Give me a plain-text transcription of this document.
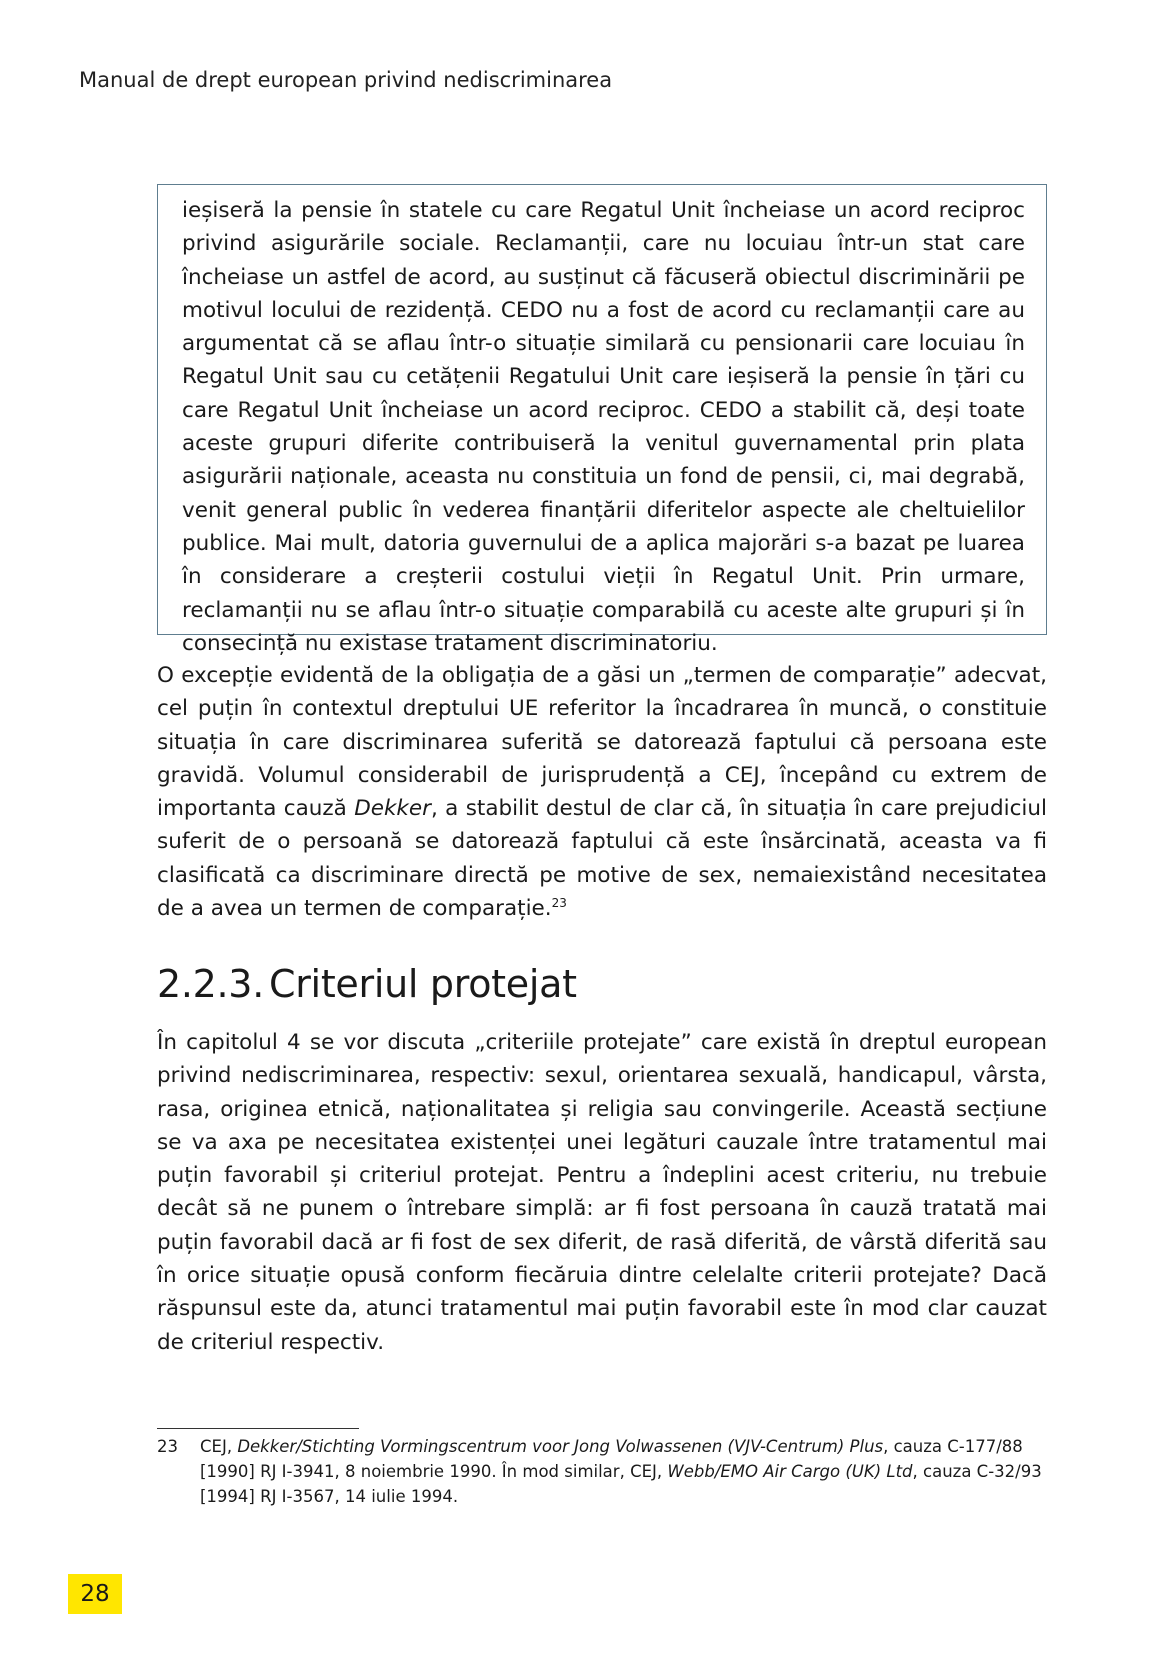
Manual de drept european privind nediscriminarea
ieșiseră la pensie în statele cu care Regatul Unit încheiase un acord reciproc privind asigurările sociale. Reclamanții, care nu locuiau într-un stat care încheiase un astfel de acord, au susținut că făcuseră obiectul discriminării pe motivul locului de rezidență. CEDO nu a fost de acord cu reclamanții care au argumentat că se aflau într-o situație similară cu pensionarii care locuiau în Regatul Unit sau cu cetățenii Regatului Unit care ieșiseră la pensie în țări cu care Regatul Unit încheiase un acord reciproc. CEDO a stabilit că, deși toate aceste grupuri diferite contribuiseră la venitul guvernamental prin plata asigurării naționale, aceasta nu constituia un fond de pensii, ci, mai degrabă, venit general public în vederea finanțării diferitelor aspecte ale cheltuielilor publice. Mai mult, datoria guvernului de a aplica majorări s-a bazat pe luarea în considerare a creșterii costului vieții în Regatul Unit. Prin urmare, reclamanții nu se aflau într-o situație comparabilă cu aceste alte grupuri și în consecință nu existase tratament discriminatoriu.
O excepție evidentă de la obligația de a găsi un „termen de comparație” adecvat, cel puțin în contextul dreptului UE referitor la încadrarea în muncă, o constituie situația în care discriminarea suferită se datorează faptului că persoana este gravidă. Volumul considerabil de jurisprudență a CEJ, începând cu extrem de importanta cauză Dekker, a stabilit destul de clar că, în situația în care prejudiciul suferit de o persoană se datorează faptului că este însărcinată, aceasta va fi clasificată ca discriminare directă pe motive de sex, nemaiexistând necesitatea de a avea un termen de comparație.$^{23}$
2.2.3. Criteriul protejat
În capitolul 4 se vor discuta „criteriile protejate” care există în dreptul european privind nediscriminarea, respectiv: sexul, orientarea sexuală, handicapul, vârsta, rasa, originea etnică, naționalitatea și religia sau convingerile. Această secțiune se va axa pe necesitatea existenței unei legături cauzale între tratamentul mai puțin favorabil și criteriul protejat. Pentru a îndeplini acest criteriu, nu trebuie decât să ne punem o întrebare simplă: ar fi fost persoana în cauză tratată mai puțin favorabil dacă ar fi fost de sex diferit, de rasă diferită, de vârstă diferită sau în orice situație opusă conform fiecăruia dintre celelalte criterii protejate? Dacă răspunsul este da, atunci tratamentul mai puțin favorabil este în mod clar cauzat de criteriul respectiv.
23 CEJ, Dekker/Stichting Vormingscentrum voor Jong Volwassenen (VJV-Centrum) Plus, cauza C-177/88 [1990] RJ I-3941, 8 noiembrie 1990. În mod similar, CEJ, Webb/EMO Air Cargo (UK) Ltd, cauza C-32/93 [1994] RJ I-3567, 14 iulie 1994.
28
